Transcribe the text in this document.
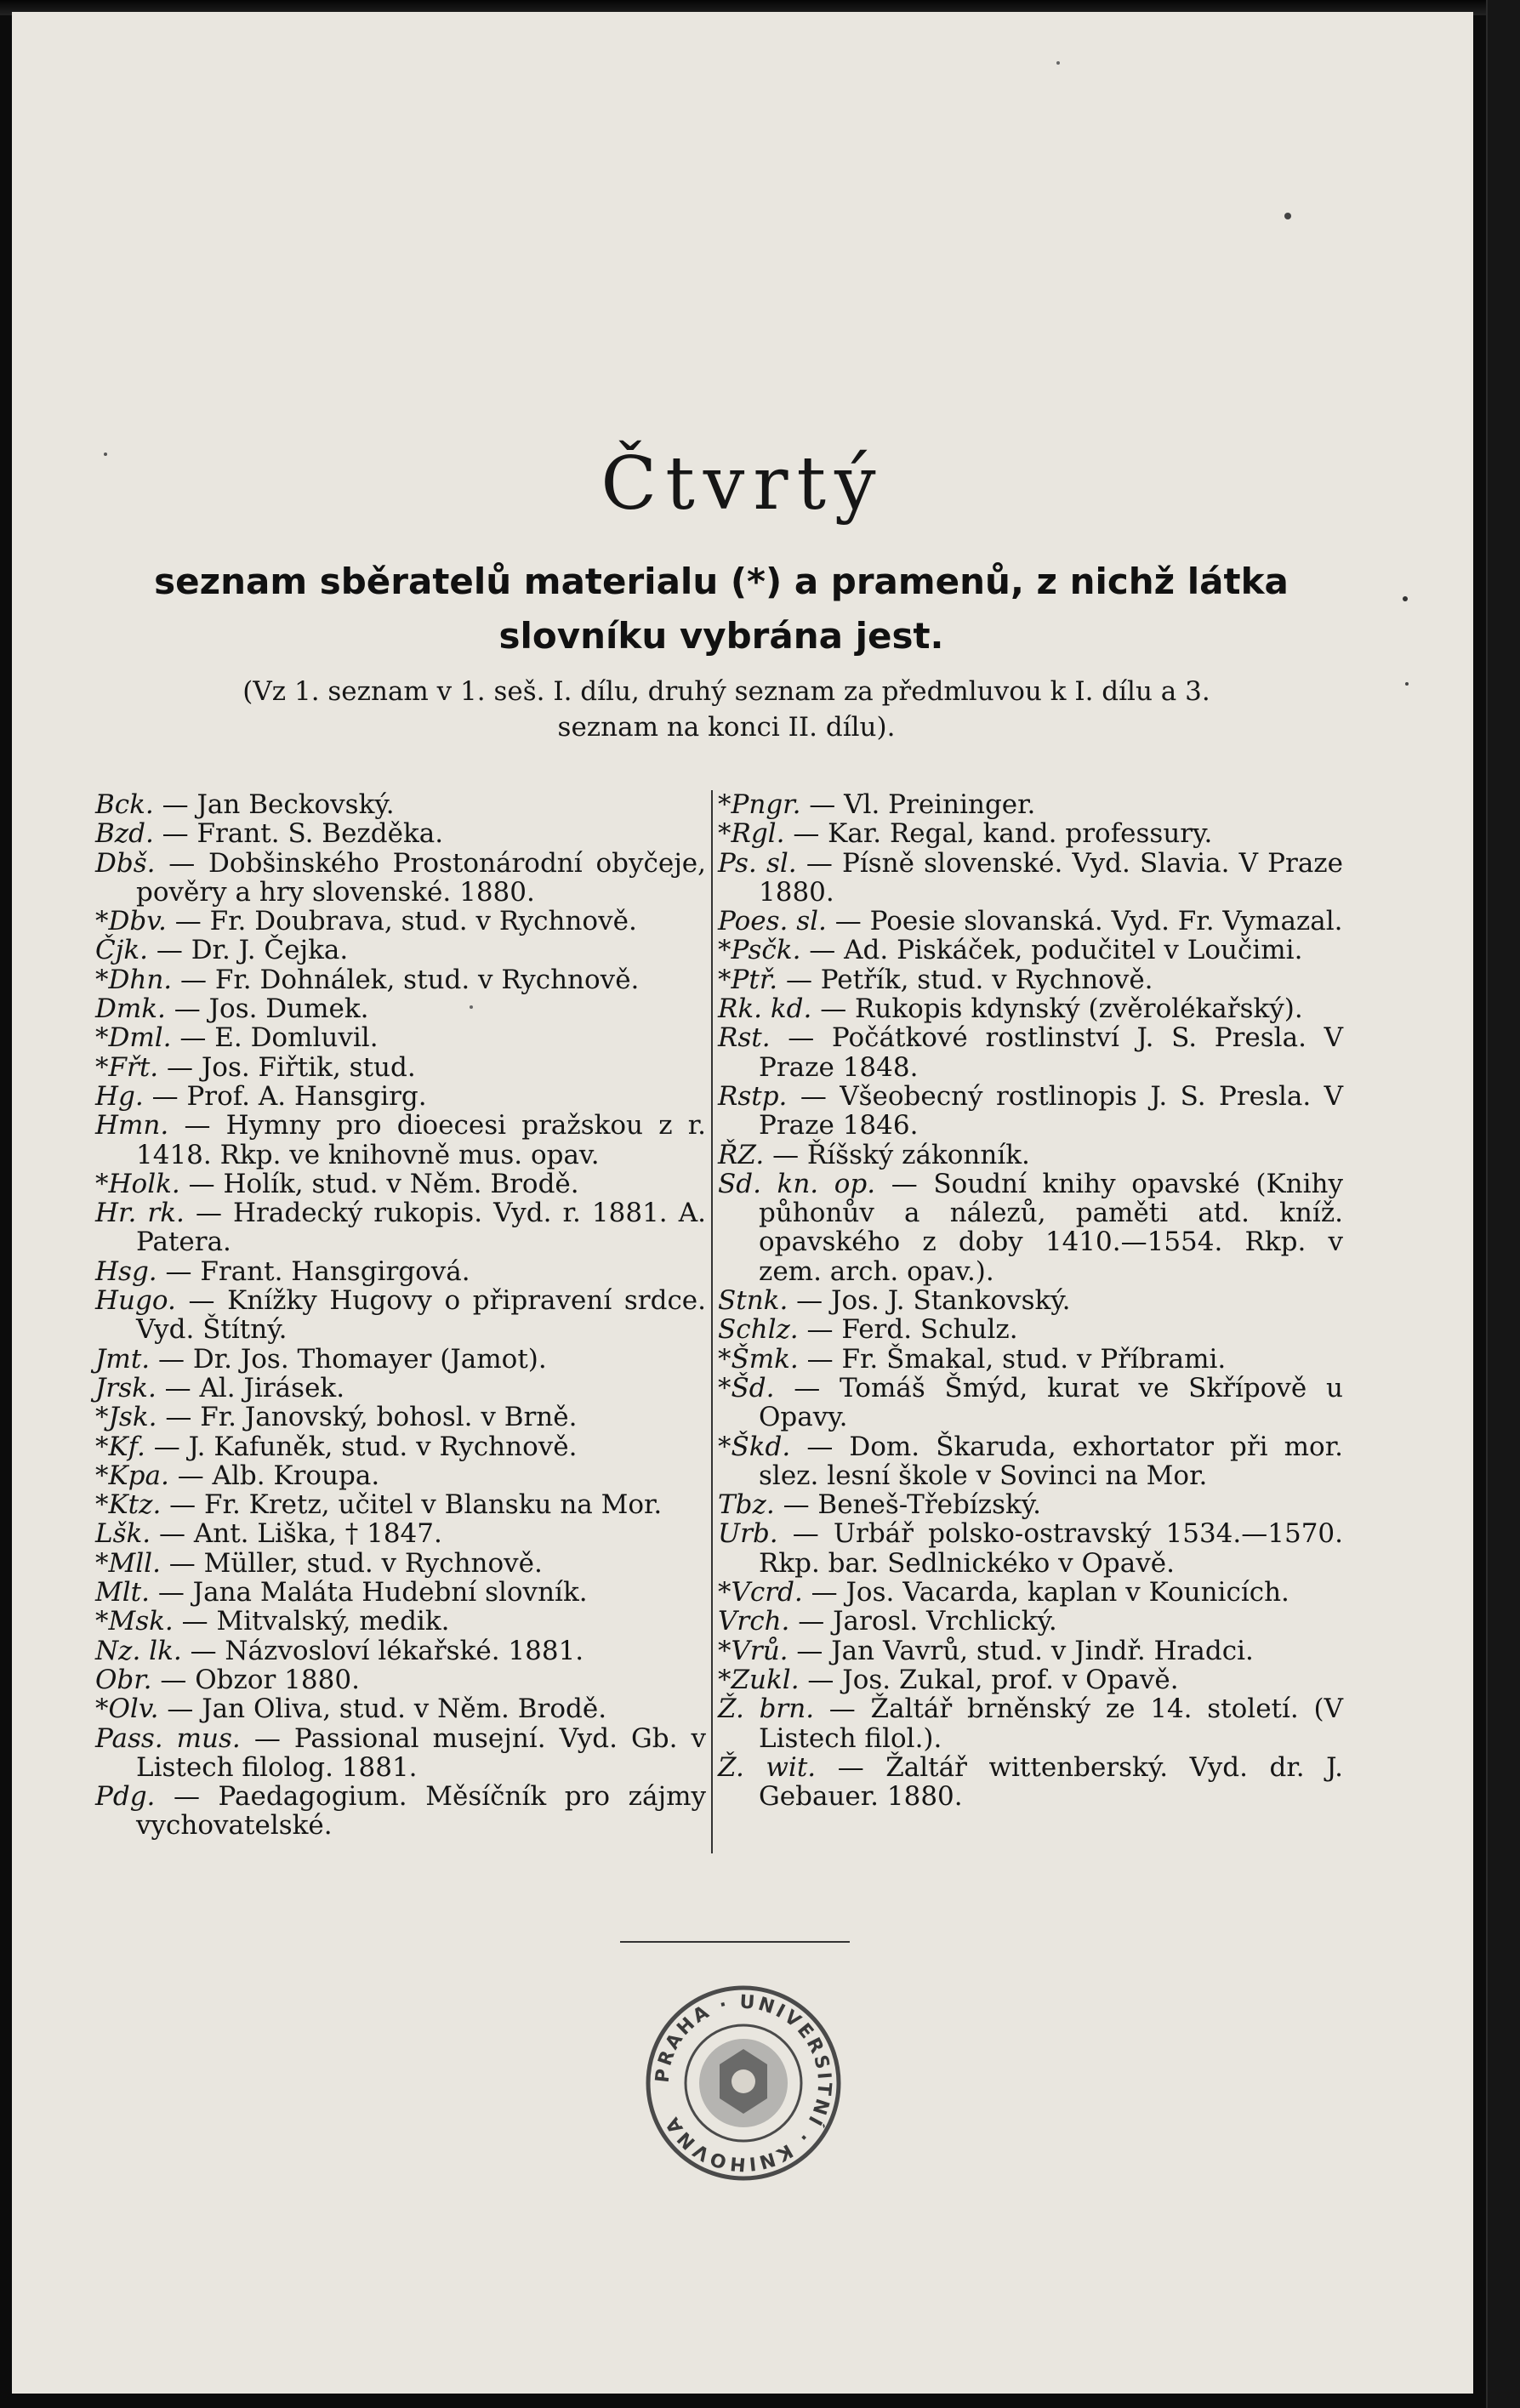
Čtvrtý
seznam sběratelů materialu (*) a pramenů, z nichž látka slovníku vybrána jest.
(Vz 1. seznam v 1. seš. I. dílu, druhý seznam za předmluvou k I. dílu a 3. seznam na konci II. dílu).

Bck. — Jan Beckovský.

Bzd. — Frant. S. Bezděka.

Dbš. — Dobšinského Prostonárodní obyčeje, pověry a hry slovenské. 1880.

*Dbv. — Fr. Doubrava, stud. v Rychnově.

Čjk. — Dr. J. Čejka.

*Dhn. — Fr. Dohnálek, stud. v Rychnově.

Dmk. — Jos. Dumek.

*Dml. — E. Domluvil.

*Fřt. — Jos. Fiřtik, stud.

Hg. — Prof. A. Hansgirg.

Hmn. — Hymny pro dioecesi pražskou z r. 1418. Rkp. ve knihovně mus. opav.

*Holk. — Holík, stud. v Něm. Brodě.

Hr. rk. — Hradecký rukopis. Vyd. r. 1881. A. Patera.

Hsg. — Frant. Hansgirgová.

Hugo. — Knížky Hugovy o připravení srdce. Vyd. Štítný.

Jmt. — Dr. Jos. Thomayer (Jamot).

Jrsk. — Al. Jirásek.

*Jsk. — Fr. Janovský, bohosl. v Brně.

*Kf. — J. Kafuněk, stud. v Rychnově.

*Kpa. — Alb. Kroupa.

*Ktz. — Fr. Kretz, učitel v Blansku na Mor.

Lšk. — Ant. Liška, † 1847.

*Mll. — Müller, stud. v Rychnově.

Mlt. — Jana Maláta Hudební slovník.

*Msk. — Mitvalský, medik.

Nz. lk. — Názvosloví lékařské. 1881.

Obr. — Obzor 1880.

*Olv. — Jan Oliva, stud. v Něm. Brodě.

Pass. mus. — Passional musejní. Vyd. Gb. v Listech filolog. 1881.

Pdg. — Paedagogium. Měsíčník pro zájmy vychovatelské.

*Pngr. — Vl. Preininger.

*Rgl. — Kar. Regal, kand. professury.

Ps. sl. — Písně slovenské. Vyd. Slavia. V Praze 1880.

Poes. sl. — Poesie slovanská. Vyd. Fr. Vymazal.

*Psčk. — Ad. Piskáček, podučitel v Loučimi.

*Ptř. — Petřík, stud. v Rychnově.

Rk. kd. — Rukopis kdynský (zvěrolékařský).

Rst. — Počátkové rostlinství J. S. Presla. V Praze 1848.

Rstp. — Všeobecný rostlinopis J. S. Presla. V Praze 1846.

ŘZ. — Říšský zákonník.

Sd. kn. op. — Soudní knihy opavské (Knihy půhonův a nálezů, paměti atd. kníž. opavského z doby 1410.—1554. Rkp. v zem. arch. opav.).

Stnk. — Jos. J. Stankovský.

Schlz. — Ferd. Schulz.

*Šmk. — Fr. Šmakal, stud. v Příbrami.

*Šd. — Tomáš Šmýd, kurat ve Skřípově u Opavy.

*Škd. — Dom. Škaruda, exhortator při mor. slez. lesní škole v Sovinci na Mor.

Tbz. — Beneš-Třebízský.

Urb. — Urbář polsko-ostravský 1534.—1570. Rkp. bar. Sedlnickéko v Opavě.

*Vcrd. — Jos. Vacarda, kaplan v Kounicích.

Vrch. — Jarosl. Vrchlický.

*Vrů. — Jan Vavrů, stud. v Jindř. Hradci.

*Zukl. — Jos. Zukal, prof. v Opavě.

Ž. brn. — Žaltář brněnský ze 14. století. (V Listech filol.).

Ž. wit. — Žaltář wittenberský. Vyd. dr. J. Gebauer. 1880.

PRAHA · UNIVERSITNÍ · KNIHOVNA
